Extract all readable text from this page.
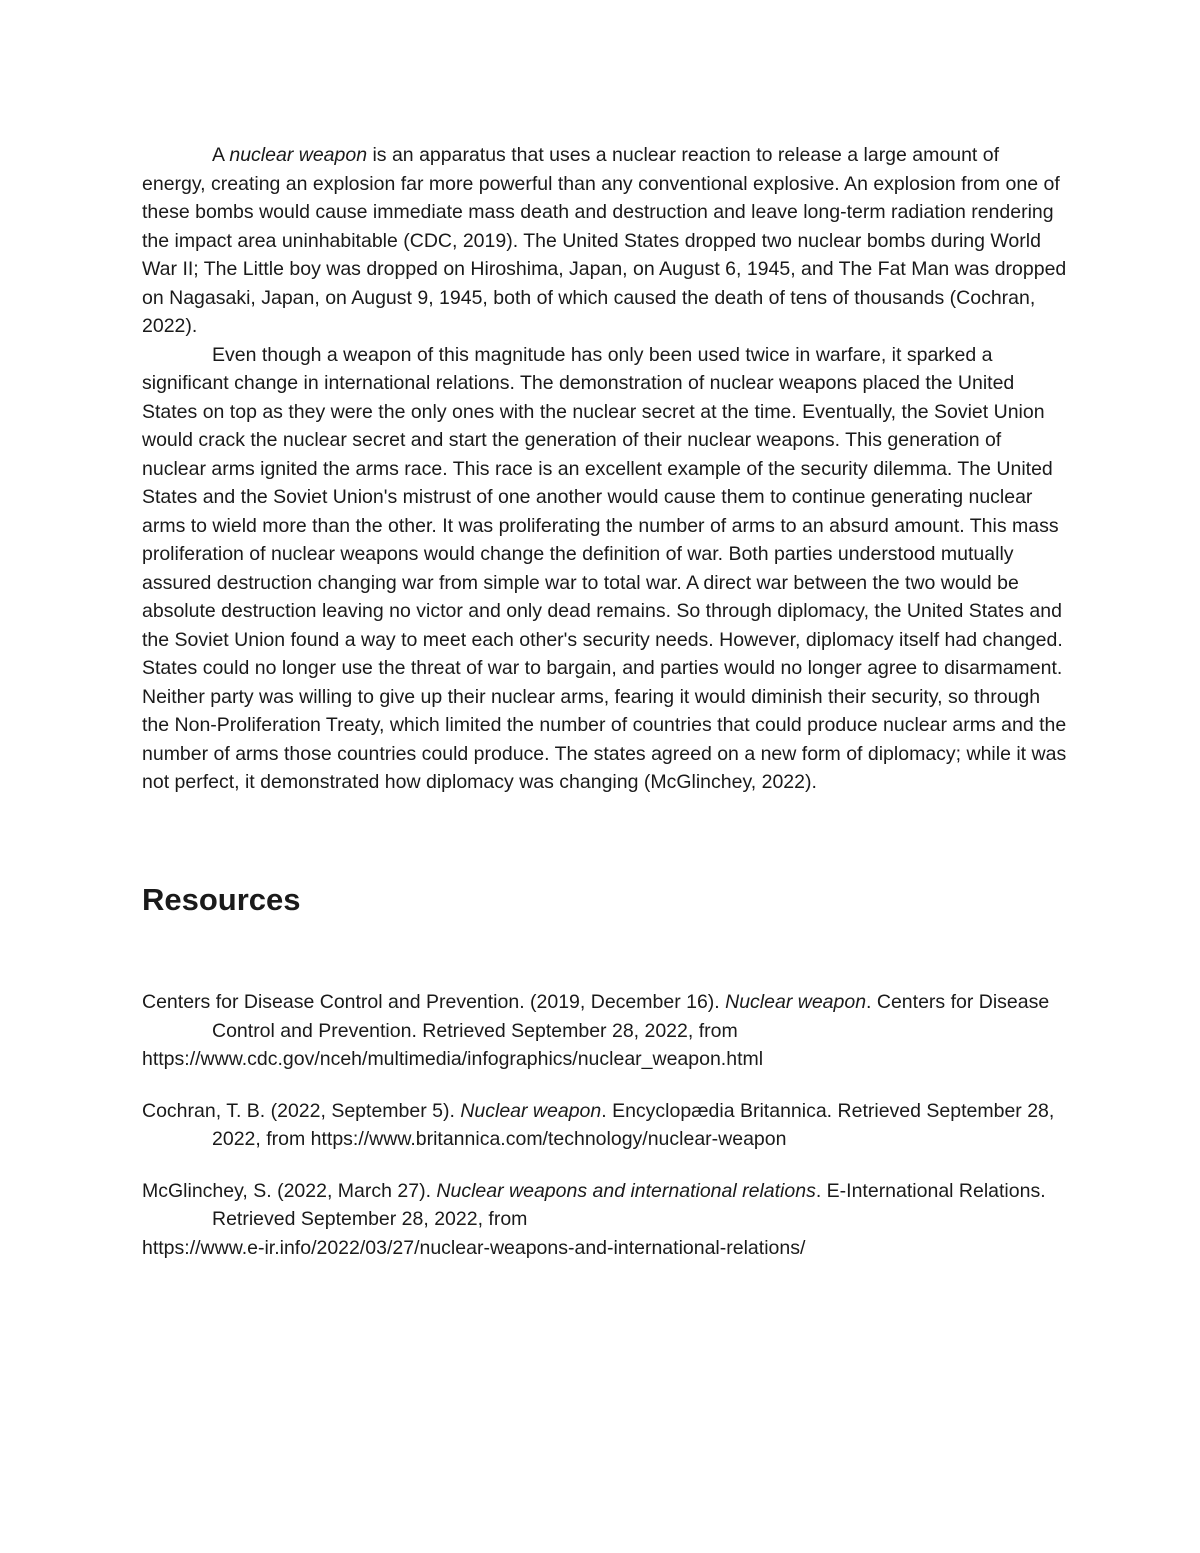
A nuclear weapon is an apparatus that uses a nuclear reaction to release a large amount of energy, creating an explosion far more powerful than any conventional explosive. An explosion from one of these bombs would cause immediate mass death and destruction and leave long-term radiation rendering the impact area uninhabitable (CDC, 2019). The United States dropped two nuclear bombs during World War II; The Little boy was dropped on Hiroshima, Japan, on August 6, 1945, and The Fat Man was dropped on Nagasaki, Japan, on August 9, 1945, both of which caused the death of tens of thousands (Cochran, 2022).

Even though a weapon of this magnitude has only been used twice in warfare, it sparked a significant change in international relations. The demonstration of nuclear weapons placed the United States on top as they were the only ones with the nuclear secret at the time. Eventually, the Soviet Union would crack the nuclear secret and start the generation of their nuclear weapons. This generation of nuclear arms ignited the arms race. This race is an excellent example of the security dilemma. The United States and the Soviet Union's mistrust of one another would cause them to continue generating nuclear arms to wield more than the other. It was proliferating the number of arms to an absurd amount. This mass proliferation of nuclear weapons would change the definition of war. Both parties understood mutually assured destruction changing war from simple war to total war. A direct war between the two would be absolute destruction leaving no victor and only dead remains. So through diplomacy, the United States and the Soviet Union found a way to meet each other's security needs. However, diplomacy itself had changed. States could no longer use the threat of war to bargain, and parties would no longer agree to disarmament. Neither party was willing to give up their nuclear arms, fearing it would diminish their security, so through the Non-Proliferation Treaty, which limited the number of countries that could produce nuclear arms and the number of arms those countries could produce. The states agreed on a new form of diplomacy; while it was not perfect, it demonstrated how diplomacy was changing (McGlinchey, 2022).

Resources

Centers for Disease Control and Prevention. (2019, December 16). Nuclear weapon. Centers for Disease Control and Prevention. Retrieved September 28, 2022, from
https://www.cdc.gov/nceh/multimedia/infographics/nuclear_weapon.html

Cochran, T. B. (2022, September 5). Nuclear weapon. Encyclopædia Britannica. Retrieved September 28, 2022, from https://www.britannica.com/technology/nuclear-weapon

McGlinchey, S. (2022, March 27). Nuclear weapons and international relations. E-International Relations. Retrieved September 28, 2022, from
https://www.e-ir.info/2022/03/27/nuclear-weapons-and-international-relations/
